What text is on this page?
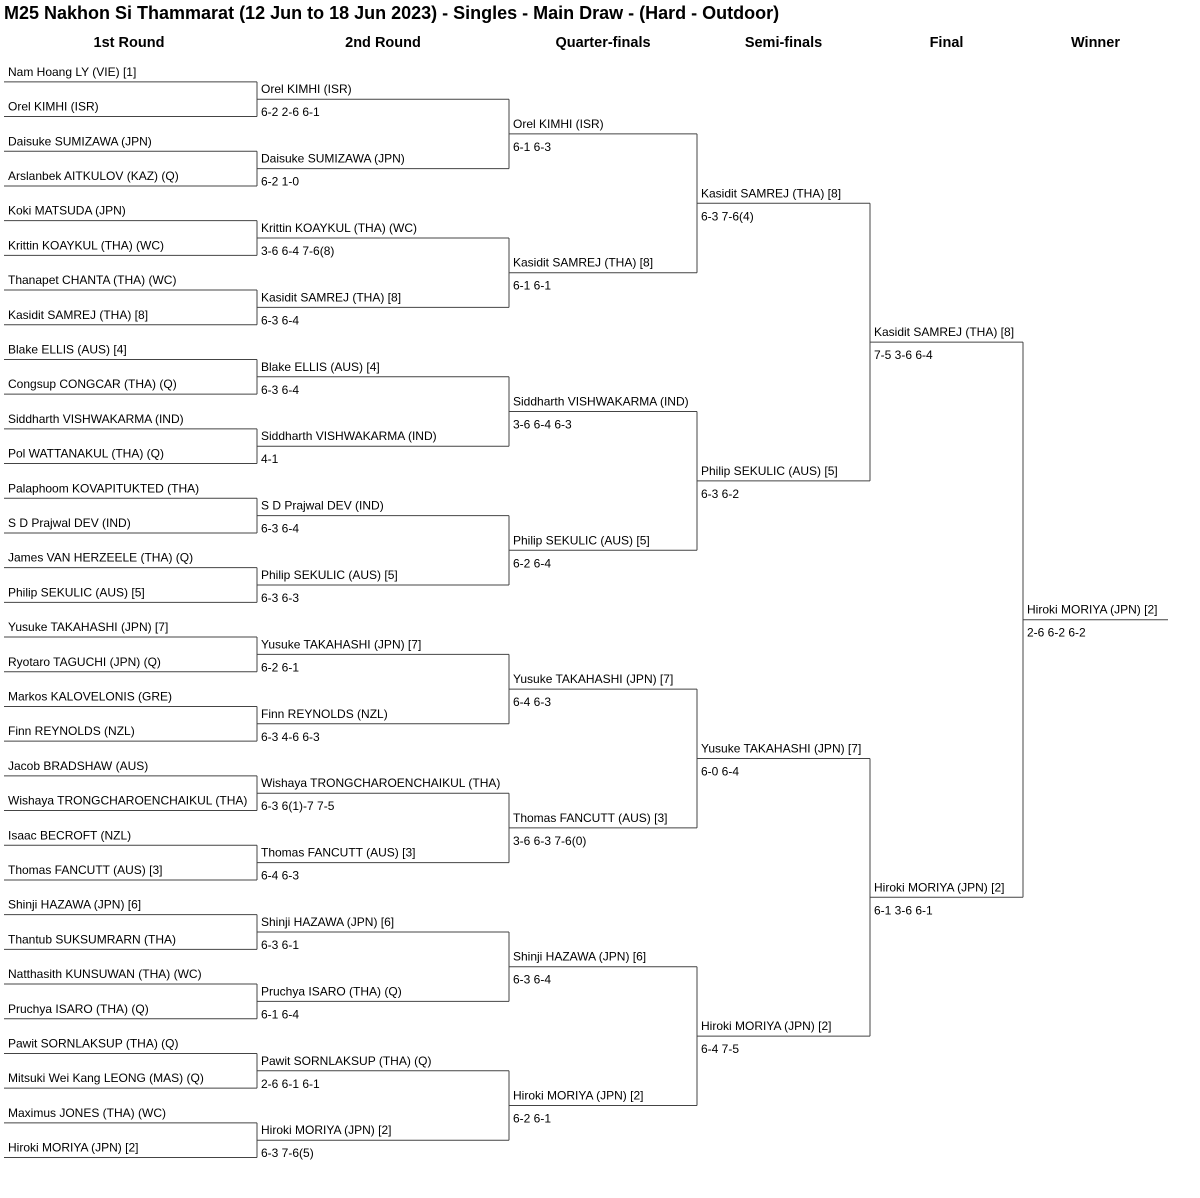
M25 Nakhon Si Thammarat (12 Jun to 18 Jun 2023) - Singles - Main Draw - (Hard - Outdoor)
1st Round	2nd Round	Quarter-finals	Semi-finals	Final	Winner
Nam Hoang LY (VIE) [1]
Orel KIMHI (ISR)
Daisuke SUMIZAWA (JPN)
Arslanbek AITKULOV (KAZ) (Q)
Koki MATSUDA (JPN)
Krittin KOAYKUL (THA) (WC)
Thanapet CHANTA (THA) (WC)
Kasidit SAMREJ (THA) [8]
Blake ELLIS (AUS) [4]
Congsup CONGCAR (THA) (Q)
Siddharth VISHWAKARMA (IND)
Pol WATTANAKUL (THA) (Q)
Palaphoom KOVAPITUKTED (THA)
S D Prajwal DEV (IND)
James VAN HERZEELE (THA) (Q)
Philip SEKULIC (AUS) [5]
Yusuke TAKAHASHI (JPN) [7]
Ryotaro TAGUCHI (JPN) (Q)
Markos KALOVELONIS (GRE)
Finn REYNOLDS (NZL)
Jacob BRADSHAW (AUS)
Wishaya TRONGCHAROENCHAIKUL (THA)
Isaac BECROFT (NZL)
Thomas FANCUTT (AUS) [3]
Shinji HAZAWA (JPN) [6]
Thantub SUKSUMRARN (THA)
Natthasith KUNSUWAN (THA) (WC)
Pruchya ISARO (THA) (Q)
Pawit SORNLAKSUP (THA) (Q)
Mitsuki Wei Kang LEONG (MAS) (Q)
Maximus JONES (THA) (WC)
Hiroki MORIYA (JPN) [2]
Orel KIMHI (ISR)
6-2 2-6 6-1
Daisuke SUMIZAWA (JPN)
6-2 1-0
Krittin KOAYKUL (THA) (WC)
3-6 6-4 7-6(8)
Kasidit SAMREJ (THA) [8]
6-3 6-4
Blake ELLIS (AUS) [4]
6-3 6-4
Siddharth VISHWAKARMA (IND)
4-1
S D Prajwal DEV (IND)
6-3 6-4
Philip SEKULIC (AUS) [5]
6-3 6-3
Yusuke TAKAHASHI (JPN) [7]
6-2 6-1
Finn REYNOLDS (NZL)
6-3 4-6 6-3
Wishaya TRONGCHAROENCHAIKUL (THA)
6-3 6(1)-7 7-5
Thomas FANCUTT (AUS) [3]
6-4 6-3
Shinji HAZAWA (JPN) [6]
6-3 6-1
Pruchya ISARO (THA) (Q)
6-1 6-4
Pawit SORNLAKSUP (THA) (Q)
2-6 6-1 6-1
Hiroki MORIYA (JPN) [2]
6-3 7-6(5)
Orel KIMHI (ISR)
6-1 6-3
Kasidit SAMREJ (THA) [8]
6-1 6-1
Siddharth VISHWAKARMA (IND)
3-6 6-4 6-3
Philip SEKULIC (AUS) [5]
6-2 6-4
Yusuke TAKAHASHI (JPN) [7]
6-4 6-3
Thomas FANCUTT (AUS) [3]
3-6 6-3 7-6(0)
Shinji HAZAWA (JPN) [6]
6-3 6-4
Hiroki MORIYA (JPN) [2]
6-2 6-1
Kasidit SAMREJ (THA) [8]
6-3 7-6(4)
Philip SEKULIC (AUS) [5]
6-3 6-2
Yusuke TAKAHASHI (JPN) [7]
6-0 6-4
Hiroki MORIYA (JPN) [2]
6-4 7-5
Kasidit SAMREJ (THA) [8]
7-5 3-6 6-4
Hiroki MORIYA (JPN) [2]
6-1 3-6 6-1
Hiroki MORIYA (JPN) [2]
2-6 6-2 6-2
